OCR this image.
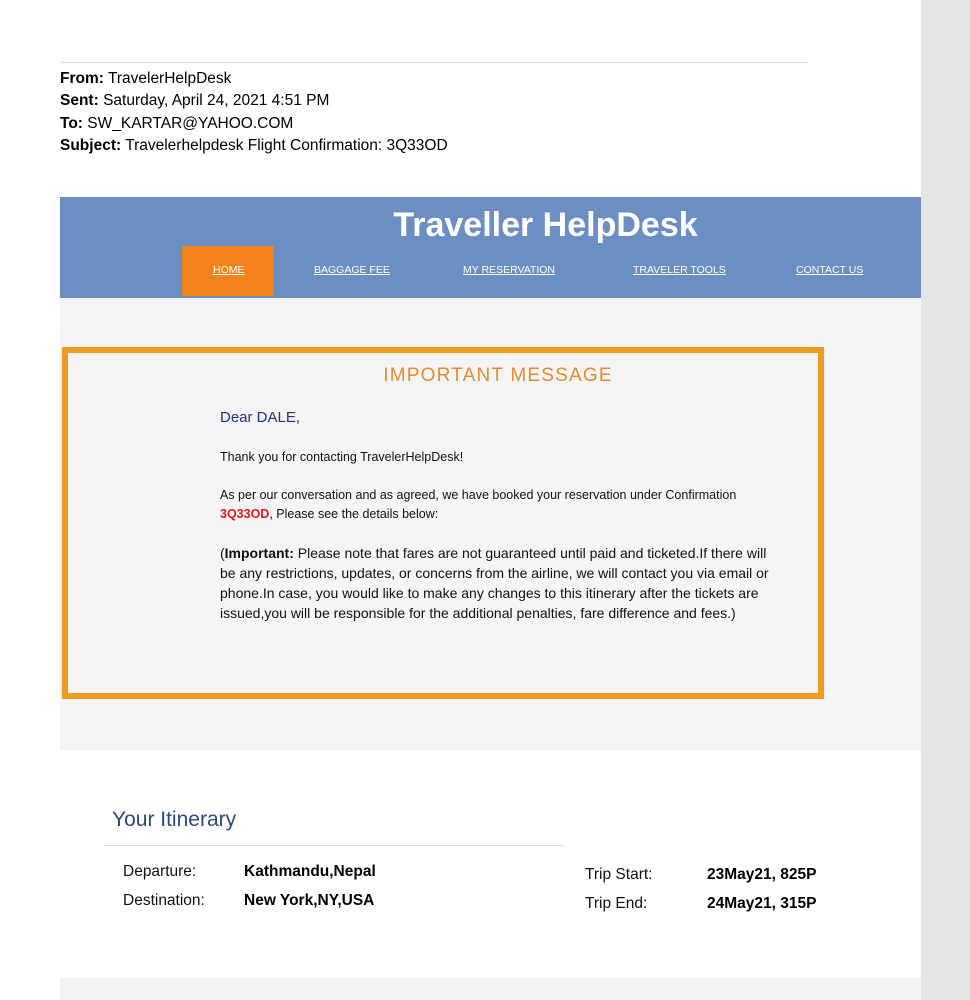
From: TravelerHelpDesk
Sent: Saturday, April 24, 2021 4:51 PM
To: SW_KARTAR@YAHOO.COM
Subject: Travelerhelpdesk Flight Confirmation: 3Q33OD
Traveller HelpDesk
HOME	BAGGAGE FEE	MY RESERVATION	TRAVELER TOOLS	CONTACT US
IMPORTANT MESSAGE

Dear DALE,

Thank you for contacting TravelerHelpDesk!

As per our conversation and as agreed, we have booked your reservation under Confirmation 3Q33OD, Please see the details below:

(Important: Please note that fares are not guaranteed until paid and ticketed.If there will be any restrictions, updates, or concerns from the airline, we will contact you via email or phone.In case, you would like to make any changes to this itinerary after the tickets are issued,you will be responsible for the additional penalties, fare difference and fees.)

Your Itinerary
Departure:	Kathmandu,Nepal
Destination:	New York,NY,USA
Trip Start:	23May21, 825P
Trip End:	24May21, 315P
